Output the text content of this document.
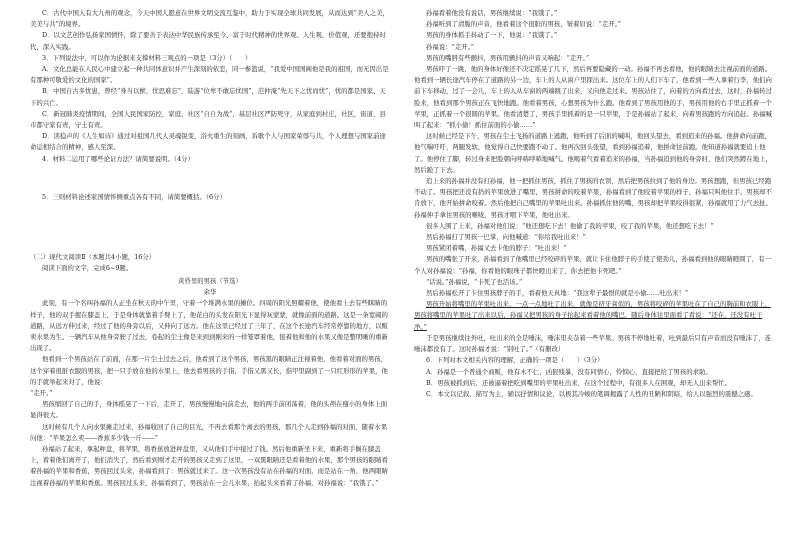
C．古代中国人有大九州的观念，今天中国人愿意在世界文明交流互鉴中，助力于实现全球共同发展，从而达到“美人之美，美美与共”的境界。

D．以文艺创作弘扬家国情怀，除了要善于表达中华民族传承至今、富于时代精神的世界观、人生观、价值观，还要抱持时代，深入实践。

3．下列说法中，可以作为论据来支撑材料三观点的一项是（3分）（　　）

A．文化总能在人民心中建立起一种共同体意识并产生深刻的依恋，同一参篮说，“我爱中国国阁他是我的祖国，而无因出是有那种可敬爱的文化的国家”。

B．中国自古多忧患，曾经“身当以猷，忧思难忘”，陆游“位卑不敢忘忧国”，范仲淹“先天下之忧而忧”，忧的都是国家、天下的兴亡。

C．新冠肺炎疫情期间，全国人民国家防控，家庭、社区“自自为战”，基层社区严防死守，从家庭到村庄，社区，街道，县市都守家有责，守土有责。

D．读稳声的《人生如诗》通过对祖国几代人灵魂锐变，浴火重生的刻画，诉歌个人与国家荣辱与共，个人理想与国家前途命运相结合的精神，感人至深。

4．材料二运用了哪些论证方法？请简要说明。（4分）

5．三则材料论述家国情怀侧重点各有不同，请简要概括。（6分）

（二）现代文阅读Ⅱ（本题共4小题，16分）

阅读下面的文字，完成6~9题。

黄昏里的男孩（节选）

余华

此刻，有一个名叫孙福的人正坐在秋天的中午里，守着一个堆满水果的摊位。四周的阳光照耀着他，使他看上去有些眯睛的样子，他的双手握在膝盖上，于是身体就靠着手臂上了，他花白的头发在阳光下显得灰蒙蒙，就像前面的道路。这是一条宽阔的道路，从远方伸过来，经过了他的身旁以后，又伸向了远方。他在这里已经过了三年了，在这个长途汽车经常停靠的地方，以贩卖水果为生。一辆汽车从他身旁驶了过去，卷起的尘土像是来到到刚来的一样笼罩着他，接着他和他的水果又像是整明晰的重新出现了。

他看到一个男孩站在了前面，在那一片尘土过去之后，他看到了这个男孩，男孩黑的眼睛正注视着他，他看着对面的男孩，这个穿着很脏衣服的男孩，把一只手放在他的水果上，他去看男孩的手指，手指又黑又长，指甲里副到了一只红形形的苹果，他的手就举起来对了，他说：

“走开。”

男孩缩回了自己的手，身体摇晃了一下后，走开了，男孩慢慢地向前走去，他的两手前闭荡着，他的头颅在瘦小的身体上面显得很大。

这时候有几个人向水果摊走过来，孙福收回了自己的目光，不再去看那个离去的男孩，那几个人走到孙福的对面，随着水果问他：“苹果怎么卖——香蕉多少钱一斤——”

孙福站了起来，拿起秤盘，将苹果，将香蕉放进秤盘里，又从他们手中接过了钱。然后他重新坐下来，重新将手搁在膝盖上，看着他们离开了，他们消失了，然后看到刚才走开的男孩又走到了这里，一双黑眼睛还是看着他的水果，那个男孩的眼睛看着孙福的苹果和香蕉，男孩回过头来，孙福看到了：男孩就过来了。这一次男孩没有站在孙福的对面，而是站在一角，他两眼睛注视着孙福的苹果和香蕉。男孩回过头来，孙福看到了，男孩站在一会儿水果，抬起头来看着了孙福，对孙福说：“我饿了。”

孙福看着他没有说话，男孩继续说：“我饿了。”

孙福听到了清脆的声音，他看着这个很脏的男孩，皱着眉说：“走开。”

男孩的身体抓手抖动了一下，他说：“我饿了。”

孙福说：“走开。”

男孩的嘴唇有些颤抖，男孩用颤抖的声音又响起：“走开。”

男孩吓了一跳，他的身体好像还不决定摇晃了几下，然后再要隐藏的一动。孙福不再去看他，他的眼睛去注视前面的道路。他看到一辆长途汽车停在了道路的另一边，车上的人从窗户里探出来。这位车上的人们下车了，他看到一些人拿着行李，他们向前下车移动，过了一会儿，车上的人从车窗的两端跳了出来，又向他走过来。男孩站住了，向着的方向看过去，这时，孙福转过脸来，他看到那个男孩正在飞快地跑。他看着男孩，心想男孩为什么跑。他看到了男孩用他的手，男孩用他的右手里正抓着一个苹果，正抓着一个很圆的苹果。他看清楚了，男孩手里抓着的是一只苹果，于是孙福站了起来，向着男孩跑的方向追赶。孙福喊叫了起来：“抓小偷！抓住前面的小偷……”

这时候已经是下午，男孩在尘土飞扬的道路上逃跑，他听到了后面的喊叫，他回头望去，看到追来的孙福。他拼命向前跑，他气喘吁吁，两腿发软，他觉得自己快要跑不动了。他再次回头张望，看到孙福追着，他拼命往前跑。他知道孙福就要追上他了。他停住了脚，转过身来把脸朝向呼哧呼哧地喊气。他喝着气看着追来的孙福，当孙福追到他的身旁时，他们突然蹲在地上，然后跪了下去。

追上来的孙福并没有打孙福，他一把抓住男孩，抓住了男孩的衣领，然后把男孩拉到了他的身边。男孩想跑，但男孩已经跑不动了。男孩把还没有扔的苹果放进了嘴里，男孩拼命的咬着苹果，孙福看到了他咬着苹果的样子，孙福只叫他住手。男孩却不肯放下，他开始拼命咬着。然后他把自己嘴里的苹果吐出来。孙福抓住他的嘴，男孩却把苹果咬得很紧，孙福就用了力气去扯。孙福伸手拿住男孩的喉咙，男孩才咽下苹果，他吐出来。

很多人围了上来，孙福对他们说：“他还想吃下去！他偷了我的苹果，咬了我的苹果，他还想吃下去！”

然后孙福打了男孩一巴掌，向他喊道：“你给我吐出来！”

男孩紧闭着嘴，孙福又去卡他的脖子：“吐出来！”

男孩的嘴张了开来，孙福看到了他嘴里已经咬碎的苹果，就让卡住他脖子的手使了使劲儿，孙福看到他的眼睛瞪圆了，有一个人对孙福说：“孙福，你看他的眼珠子都快瞪出来了，你去把他卡死吧。”

“话说。”孙福说，“卡死了也活该。”

然后孙福松开了卡住男孩脖子的手，看着他天真地：“我这辈子最恨的就是小偷……吐出来！”

男孩开始将嘴里的苹果吐出来，一点一点地吐了出来，就像是挤牙膏似的，男孩将咬碎的苹果吐在了自己的胸前和衣服上，男孩将嘴里的苹果吐了出来以后，孙福又把男孩的身子抬起来看着他的嘴巴，随后身体往里面看了看说：“还在，还没有吐干净。”

于是男孩继续往外吐，吐出来的全是唾沫，唾沫里夹杂着一些苹果。男孩不停地吐着，吐到最后只有声音而没有唾沫了，连唾沫都没有了。这时孙福才说：“别吐了。”（有删改）

6．下列对本文相关内容的理解，正确的一项是（　　）（3分）

A．孙福是一个普通个商贩，他有木不仁，凶狠残暴，没有同情心，怜悯心，直接把给了男孩的求助。

B．男孩被抓到后，还被逼着把吃到嘴里的苹果吐出来，在这个过程中，有很多人在围观，却无人出来帮忙。

C．本文以记叙、描写为主，辅以抒情和议论，以极其冷峻的笔调揭露了人性的丑陋和阴暗，给人以强烈的震撼之感。
